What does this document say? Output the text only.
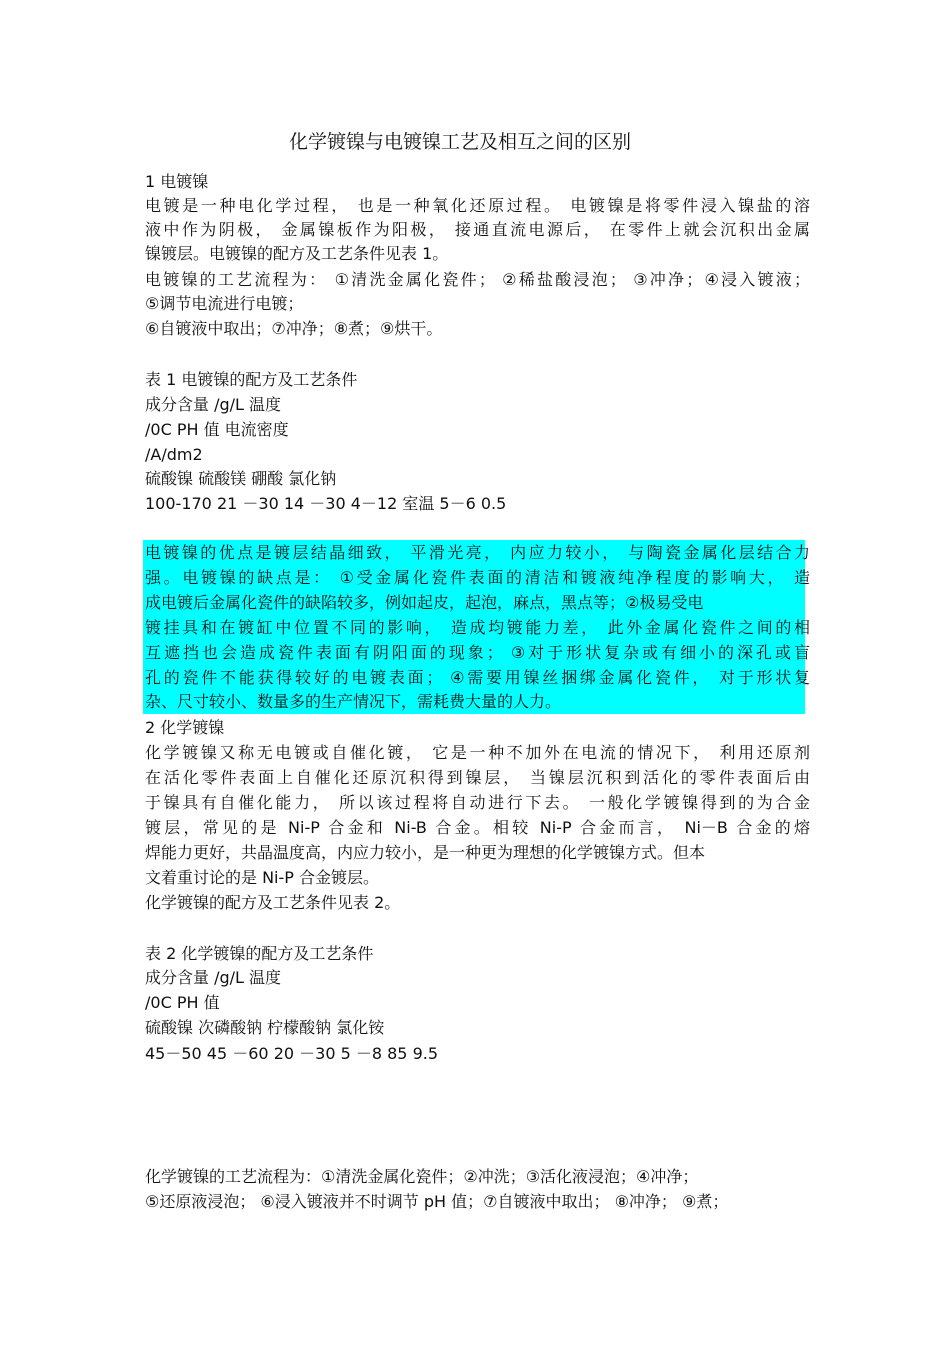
化学镀镍与电镀镍工艺及相互之间的区别
1 电镀镍
电镀是一种电化学过程， 也是一种氧化还原过程。 电镀镍是将零件浸入镍盐的溶
液中作为阴极， 金属镍板作为阳极， 接通直流电源后， 在零件上就会沉积出金属
镍镀层。电镀镍的配方及工艺条件见表 1。
电镀镍的工艺流程为： ①清洗金属化瓷件； ②稀盐酸浸泡； ③冲净；④浸入镀液；
⑤调节电流进行电镀；
⑥自镀液中取出；⑦冲净；⑧煮；⑨烘干。
表 1 电镀镍的配方及工艺条件
成分含量 /g/L 温度
/0C PH 值 电流密度
/A/dm2
硫酸镍 硫酸镁 硼酸 氯化钠
100-170 21 －30 14 －30 4－12 室温 5－6 0.5
电镀镍的优点是镀层结晶细致， 平滑光亮， 内应力较小， 与陶瓷金属化层结合力
强。电镀镍的缺点是： ①受金属化瓷件表面的清洁和镀液纯净程度的影响大， 造
成电镀后金属化瓷件的缺陷较多，例如起皮，起泡，麻点，黑点等；②极易受电
镀挂具和在镀缸中位置不同的影响， 造成均镀能力差， 此外金属化瓷件之间的相
互遮挡也会造成瓷件表面有阴阳面的现象； ③对于形状复杂或有细小的深孔或盲
孔的瓷件不能获得较好的电镀表面； ④需要用镍丝捆绑金属化瓷件， 对于形状复
杂、尺寸较小、数量多的生产情况下，需耗费大量的人力。
2 化学镀镍
化学镀镍又称无电镀或自催化镀， 它是一种不加外在电流的情况下， 利用还原剂
在活化零件表面上自催化还原沉积得到镍层， 当镍层沉积到活化的零件表面后由
于镍具有自催化能力， 所以该过程将自动进行下去。 一般化学镀镍得到的为合金
镀层，常见的是 Ni-P 合金和 Ni-B 合金。相较 Ni-P 合金而言， Ni－B 合金的熔
焊能力更好，共晶温度高，内应力较小，是一种更为理想的化学镀镍方式。但本
文着重讨论的是 Ni-P 合金镀层。
化学镀镍的配方及工艺条件见表 2。
表 2 化学镀镍的配方及工艺条件
成分含量 /g/L 温度
/0C PH 值
硫酸镍 次磷酸钠 柠檬酸钠 氯化铵
45－50 45 －60 20 －30 5 －8 85 9.5
化学镀镍的工艺流程为：①清洗金属化瓷件；②冲洗；③活化液浸泡；④冲净；
⑤还原液浸泡； ⑥浸入镀液并不时调节 pH 值；⑦自镀液中取出； ⑧冲净； ⑨煮；
